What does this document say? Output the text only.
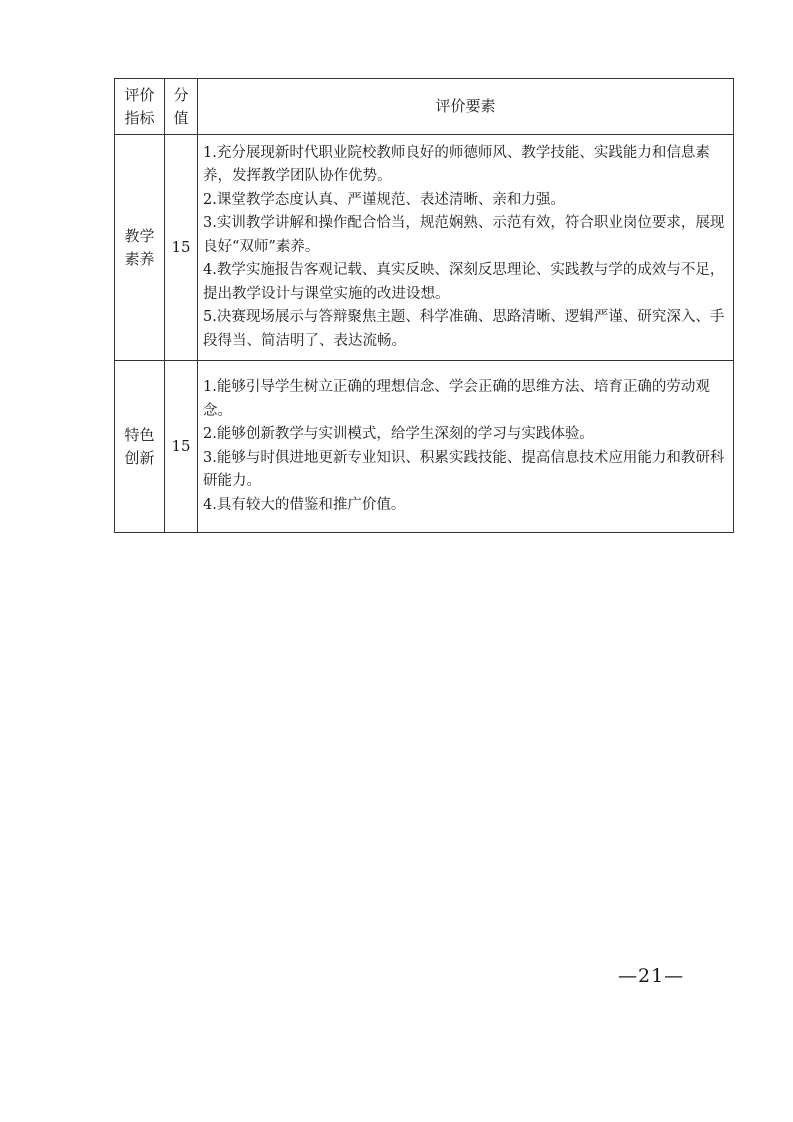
评价指标	分值	评价要素
教学素养	15	1.充分展现新时代职业院校教师良好的师德师风、教学技能、实践能力和信息素养，发挥教学团队协作优势。

2.课堂教学态度认真、严谨规范、表述清晰、亲和力强。

3.实训教学讲解和操作配合恰当，规范娴熟、示范有效，符合职业岗位要求，展现良好“双师”素养。

4.教学实施报告客观记载、真实反映、深刻反思理论、实践教与学的成效与不足，提出教学设计与课堂实施的改进设想。

5.决赛现场展示与答辩聚焦主题、科学准确、思路清晰、逻辑严谨、研究深入、手段得当、简洁明了、表达流畅。

特色创新	15	1.能够引导学生树立正确的理想信念、学会正确的思维方法、培育正确的劳动观念。

2.能够创新教学与实训模式，给学生深刻的学习与实践体验。

3.能够与时俱进地更新专业知识、积累实践技能、提高信息技术应用能力和教研科研能力。

4.具有较大的借鉴和推广价值。

—21—
